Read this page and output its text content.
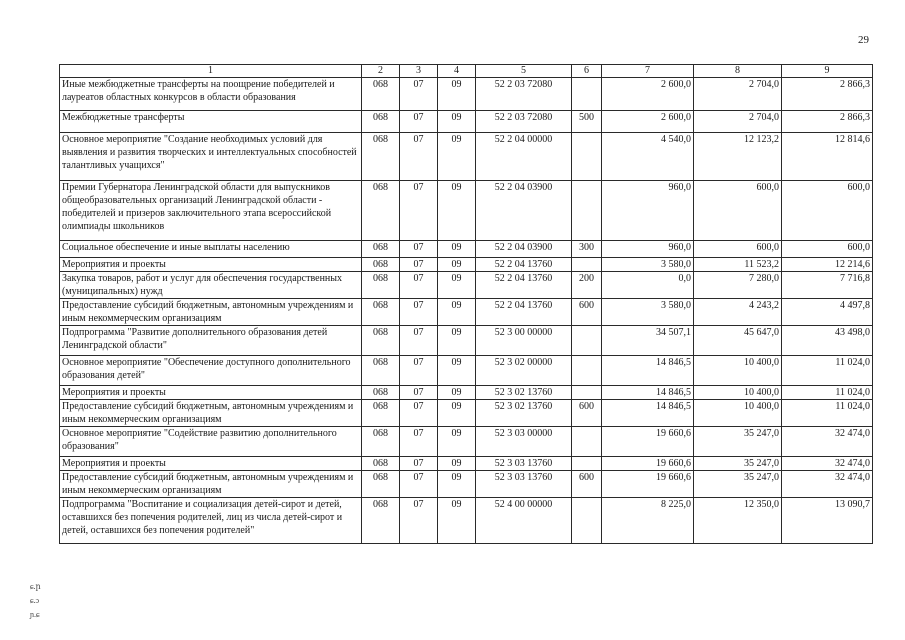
29
ɕ.ր
ɕ.ɔ
ɲ.ɕ
1	2	3	4	5	6	7	8	9
Иные межбюджетные трансферты на поощрение победителей и лауреатов областных конкурсов в области образования	068	07	09	52 2 03 72080		2 600,0	2 704,0	2 866,3
Межбюджетные трансферты	068	07	09	52 2 03 72080	500	2 600,0	2 704,0	2 866,3
Основное мероприятие "Создание необходимых условий для выявления и развития творческих и интеллектуальных способностей талантливых учащихся"	068	07	09	52 2 04 00000		4 540,0	12 123,2	12 814,6
Премии Губернатора Ленинградской области для выпускников общеобразовательных организаций Ленинградской области - победителей и призеров заключительного этапа всероссийской олимпиады школьников	068	07	09	52 2 04 03900		960,0	600,0	600,0
Социальное обеспечение и иные выплаты населению	068	07	09	52 2 04 03900	300	960,0	600,0	600,0
Мероприятия и проекты	068	07	09	52 2 04 13760		3 580,0	11 523,2	12 214,6
Закупка товаров, работ и услуг для обеспечения государственных (муниципальных) нужд	068	07	09	52 2 04 13760	200	0,0	7 280,0	7 716,8
Предоставление субсидий бюджетным, автономным учреждениям и иным некоммерческим организациям	068	07	09	52 2 04 13760	600	3 580,0	4 243,2	4 497,8
Подпрограмма "Развитие дополнительного образования детей Ленинградской области"	068	07	09	52 3 00 00000		34 507,1	45 647,0	43 498,0
Основное мероприятие "Обеспечение доступного дополнительного образования детей"	068	07	09	52 3 02 00000		14 846,5	10 400,0	11 024,0
Мероприятия и проекты	068	07	09	52 3 02 13760		14 846,5	10 400,0	11 024,0
Предоставление субсидий бюджетным, автономным учреждениям и иным некоммерческим организациям	068	07	09	52 3 02 13760	600	14 846,5	10 400,0	11 024,0
Основное мероприятие "Содействие развитию дополнительного образования"	068	07	09	52 3 03 00000		19 660,6	35 247,0	32 474,0
Мероприятия и проекты	068	07	09	52 3 03 13760		19 660,6	35 247,0	32 474,0
Предоставление субсидий бюджетным, автономным учреждениям и иным некоммерческим организациям	068	07	09	52 3 03 13760	600	19 660,6	35 247,0	32 474,0
Подпрограмма "Воспитание и социализация детей-сирот и детей, оставшихся без попечения родителей, лиц из числа детей-сирот и детей, оставшихся без попечения родителей"	068	07	09	52 4 00 00000		8 225,0	12 350,0	13 090,7
